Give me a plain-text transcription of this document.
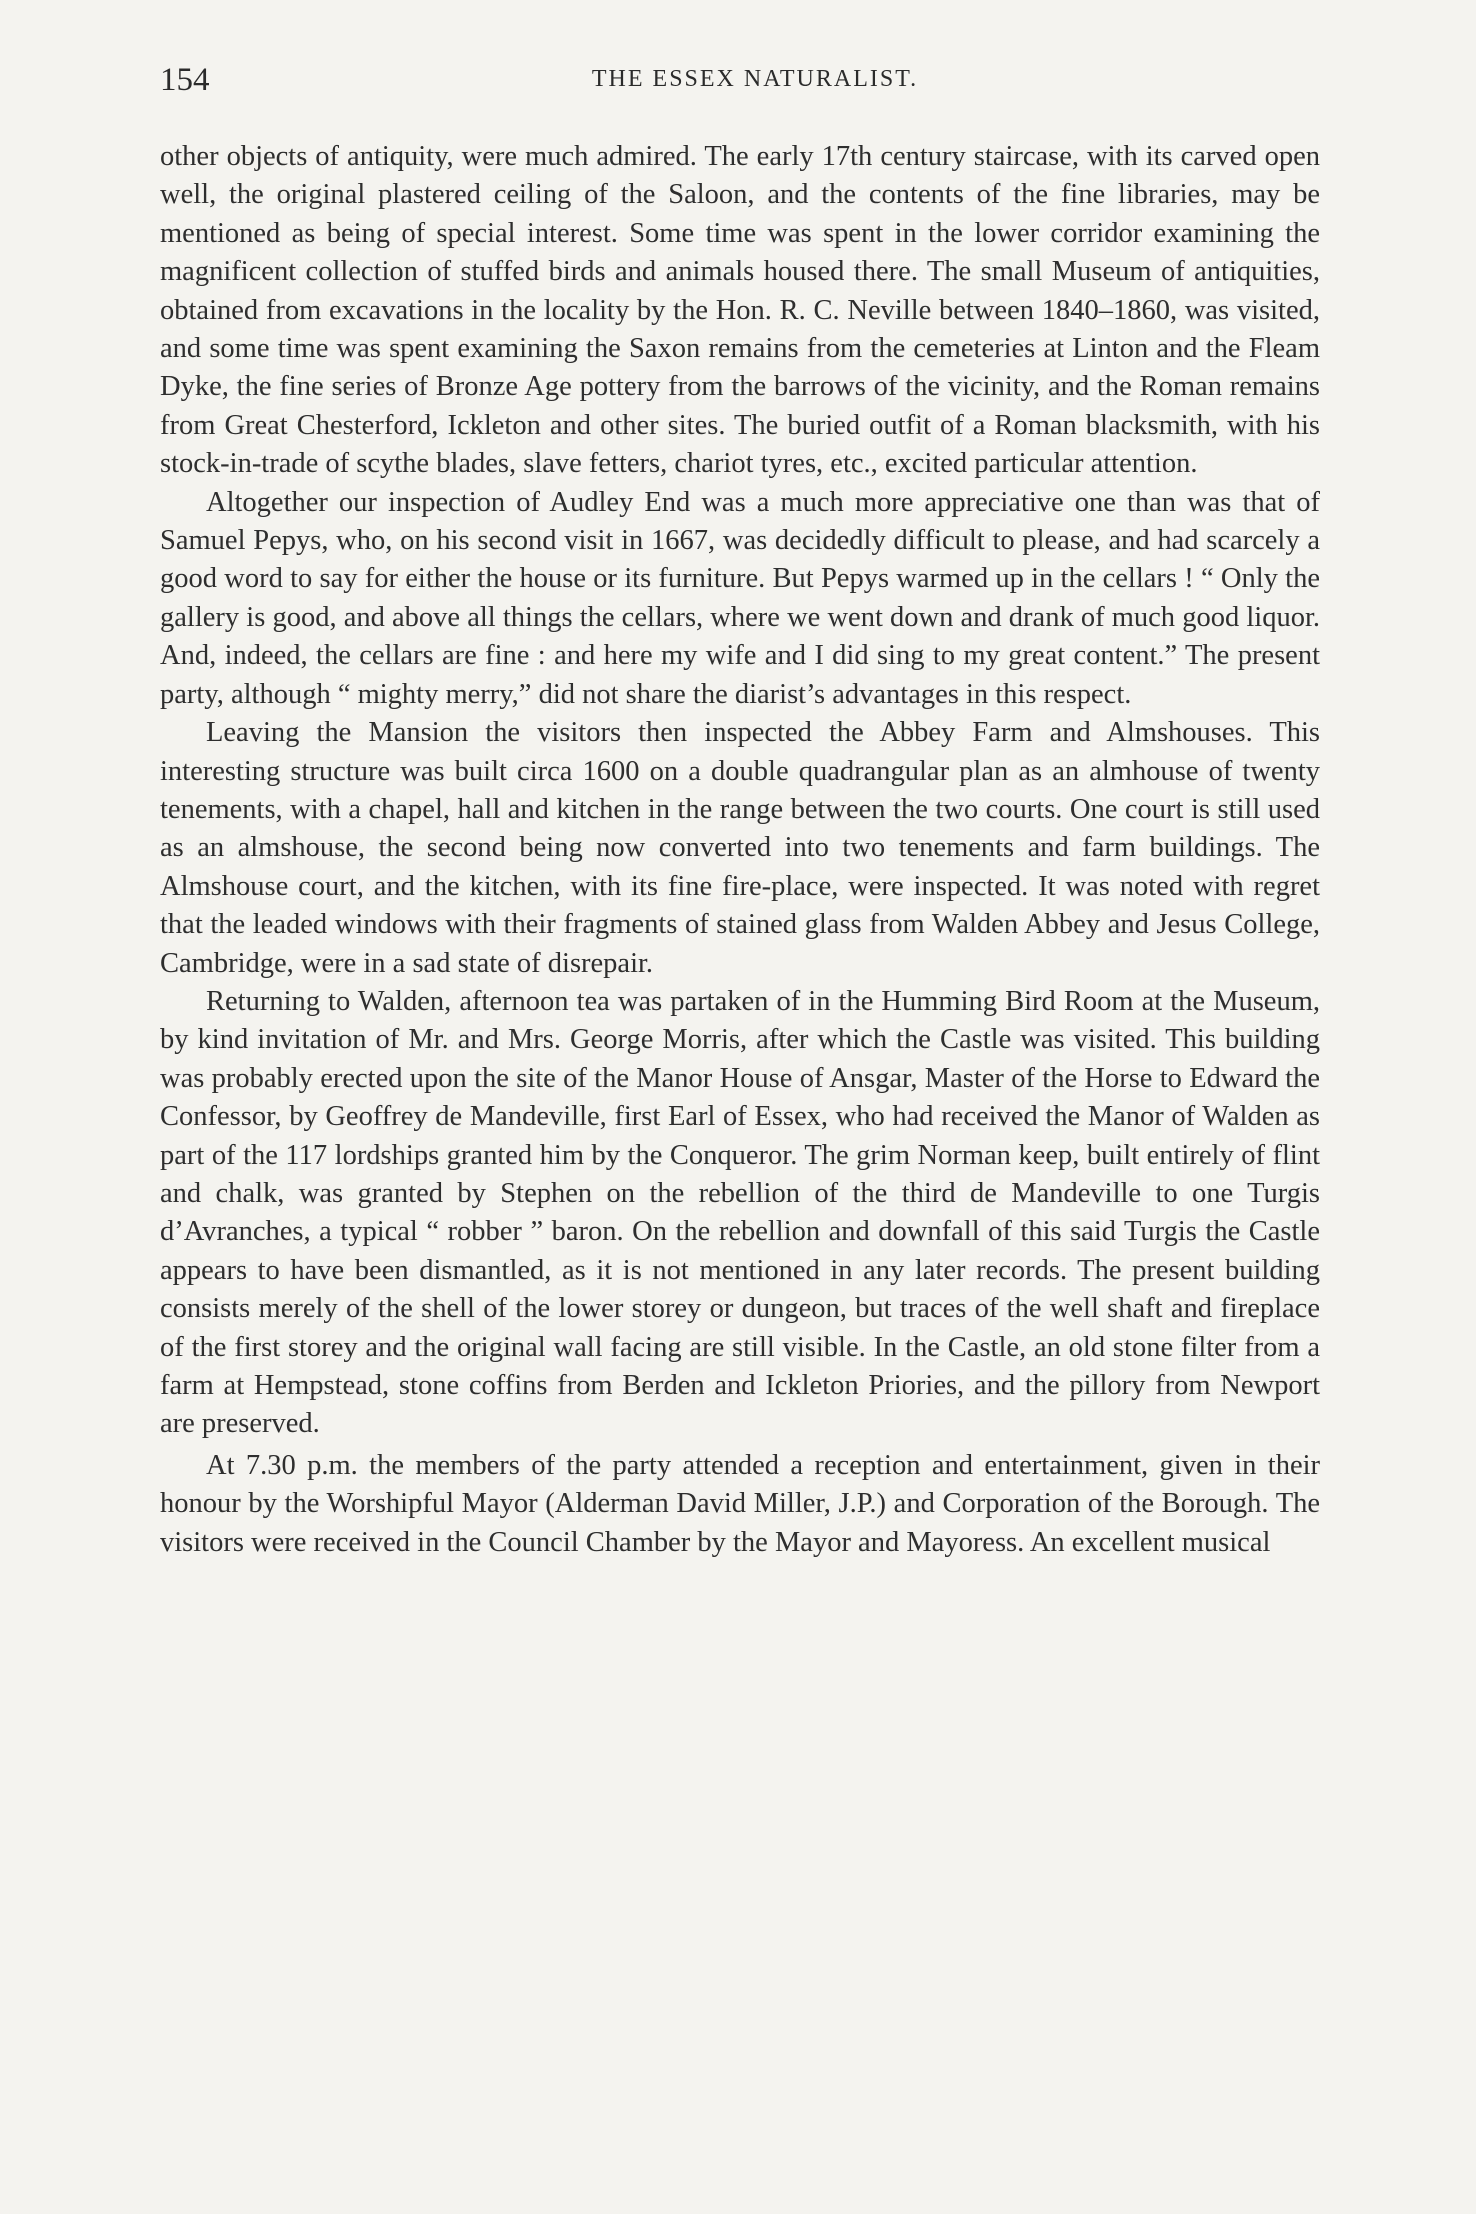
154	THE ESSEX NATURALIST.

other objects of antiquity, were much admired. The early 17th century staircase, with its carved open well, the original plastered ceiling of the Saloon, and the contents of the fine libraries, may be mentioned as being of special interest. Some time was spent in the lower corridor examining the magnificent collection of stuffed birds and animals housed there. The small Museum of antiquities, obtained from excavations in the locality by the Hon. R. C. Neville between 1840–1860, was visited, and some time was spent examining the Saxon remains from the cemeteries at Linton and the Fleam Dyke, the fine series of Bronze Age pottery from the barrows of the vicinity, and the Roman remains from Great Chesterford, Ickleton and other sites. The buried outfit of a Roman blacksmith, with his stock-in-trade of scythe blades, slave fetters, chariot tyres, etc., excited particular attention.

Altogether our inspection of Audley End was a much more appreciative one than was that of Samuel Pepys, who, on his second visit in 1667, was decidedly difficult to please, and had scarcely a good word to say for either the house or its furniture. But Pepys warmed up in the cellars ! “ Only the gallery is good, and above all things the cellars, where we went down and drank of much good liquor. And, indeed, the cellars are fine : and here my wife and I did sing to my great content.” The present party, although “ mighty merry,” did not share the diarist’s advantages in this respect.

Leaving the Mansion the visitors then inspected the Abbey Farm and Almshouses. This interesting structure was built circa 1600 on a double quadrangular plan as an almhouse of twenty tenements, with a chapel, hall and kitchen in the range between the two courts. One court is still used as an almshouse, the second being now converted into two tenements and farm buildings. The Almshouse court, and the kitchen, with its fine fire-place, were inspected. It was noted with regret that the leaded windows with their fragments of stained glass from Walden Abbey and Jesus College, Cambridge, were in a sad state of disrepair.

Returning to Walden, afternoon tea was partaken of in the Humming Bird Room at the Museum, by kind invitation of Mr. and Mrs. George Morris, after which the Castle was visited. This building was probably erected upon the site of the Manor House of Ansgar, Master of the Horse to Edward the Confessor, by Geoffrey de Mandeville, first Earl of Essex, who had received the Manor of Walden as part of the 117 lordships granted him by the Conqueror. The grim Norman keep, built entirely of flint and chalk, was granted by Stephen on the rebellion of the third de Mandeville to one Turgis d’Avranches, a typical “ robber ” baron. On the rebellion and downfall of this said Turgis the Castle appears to have been dismantled, as it is not mentioned in any later records. The present building consists merely of the shell of the lower storey or dungeon, but traces of the well shaft and fireplace of the first storey and the original wall facing are still visible. In the Castle, an old stone filter from a farm at Hempstead, stone coffins from Berden and Ickleton Priories, and the pillory from Newport are preserved.

At 7.30 p.m. the members of the party attended a reception and entertainment, given in their honour by the Worshipful Mayor (Alderman David Miller, J.P.) and Corporation of the Borough. The visitors were received in the Council Chamber by the Mayor and Mayoress. An excellent musical
